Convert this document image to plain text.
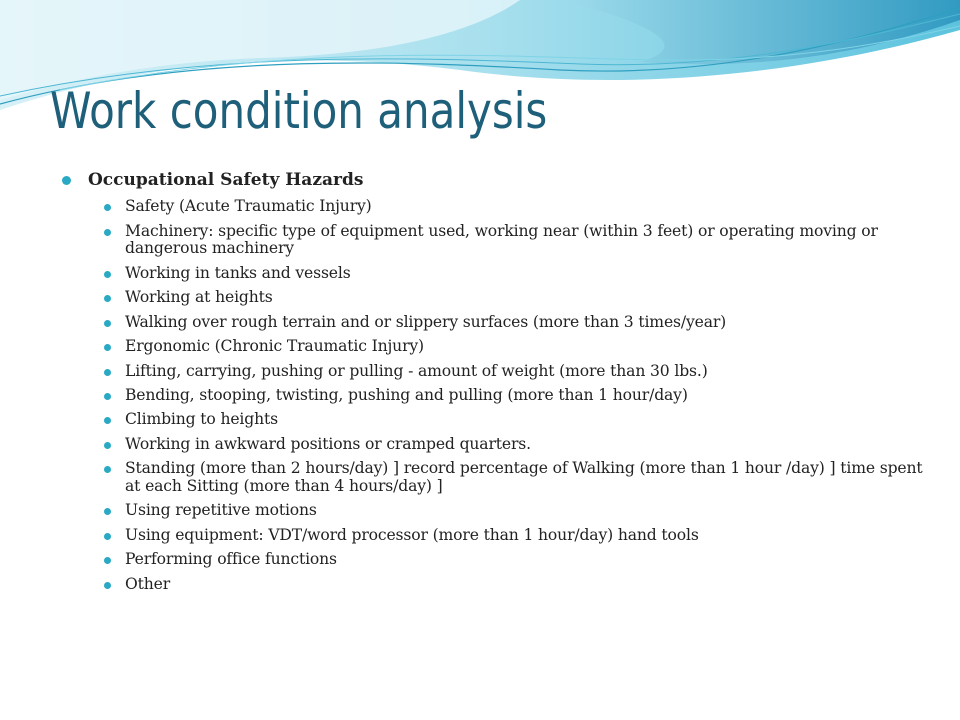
Work condition analysis
Occupational Safety Hazards
Safety (Acute Traumatic Injury)
Machinery: specific type of equipment used, working near (within 3 feet) or operating moving or dangerous machinery
Working in tanks and vessels
Working at heights
Walking over rough terrain and or slippery surfaces (more than 3 times/year)
Ergonomic (Chronic Traumatic Injury)
Lifting, carrying, pushing or pulling - amount of weight (more than 30 lbs.)
Bending, stooping, twisting, pushing and pulling (more than 1 hour/day)
Climbing to heights
Working in awkward positions or cramped quarters.
Standing (more than 2 hours/day) ] record percentage of Walking (more than 1 hour /day) ] time spent at each Sitting (more than 4 hours/day) ]
Using repetitive motions
Using equipment: VDT/word processor (more than 1 hour/day) hand tools
Performing office functions
Other
